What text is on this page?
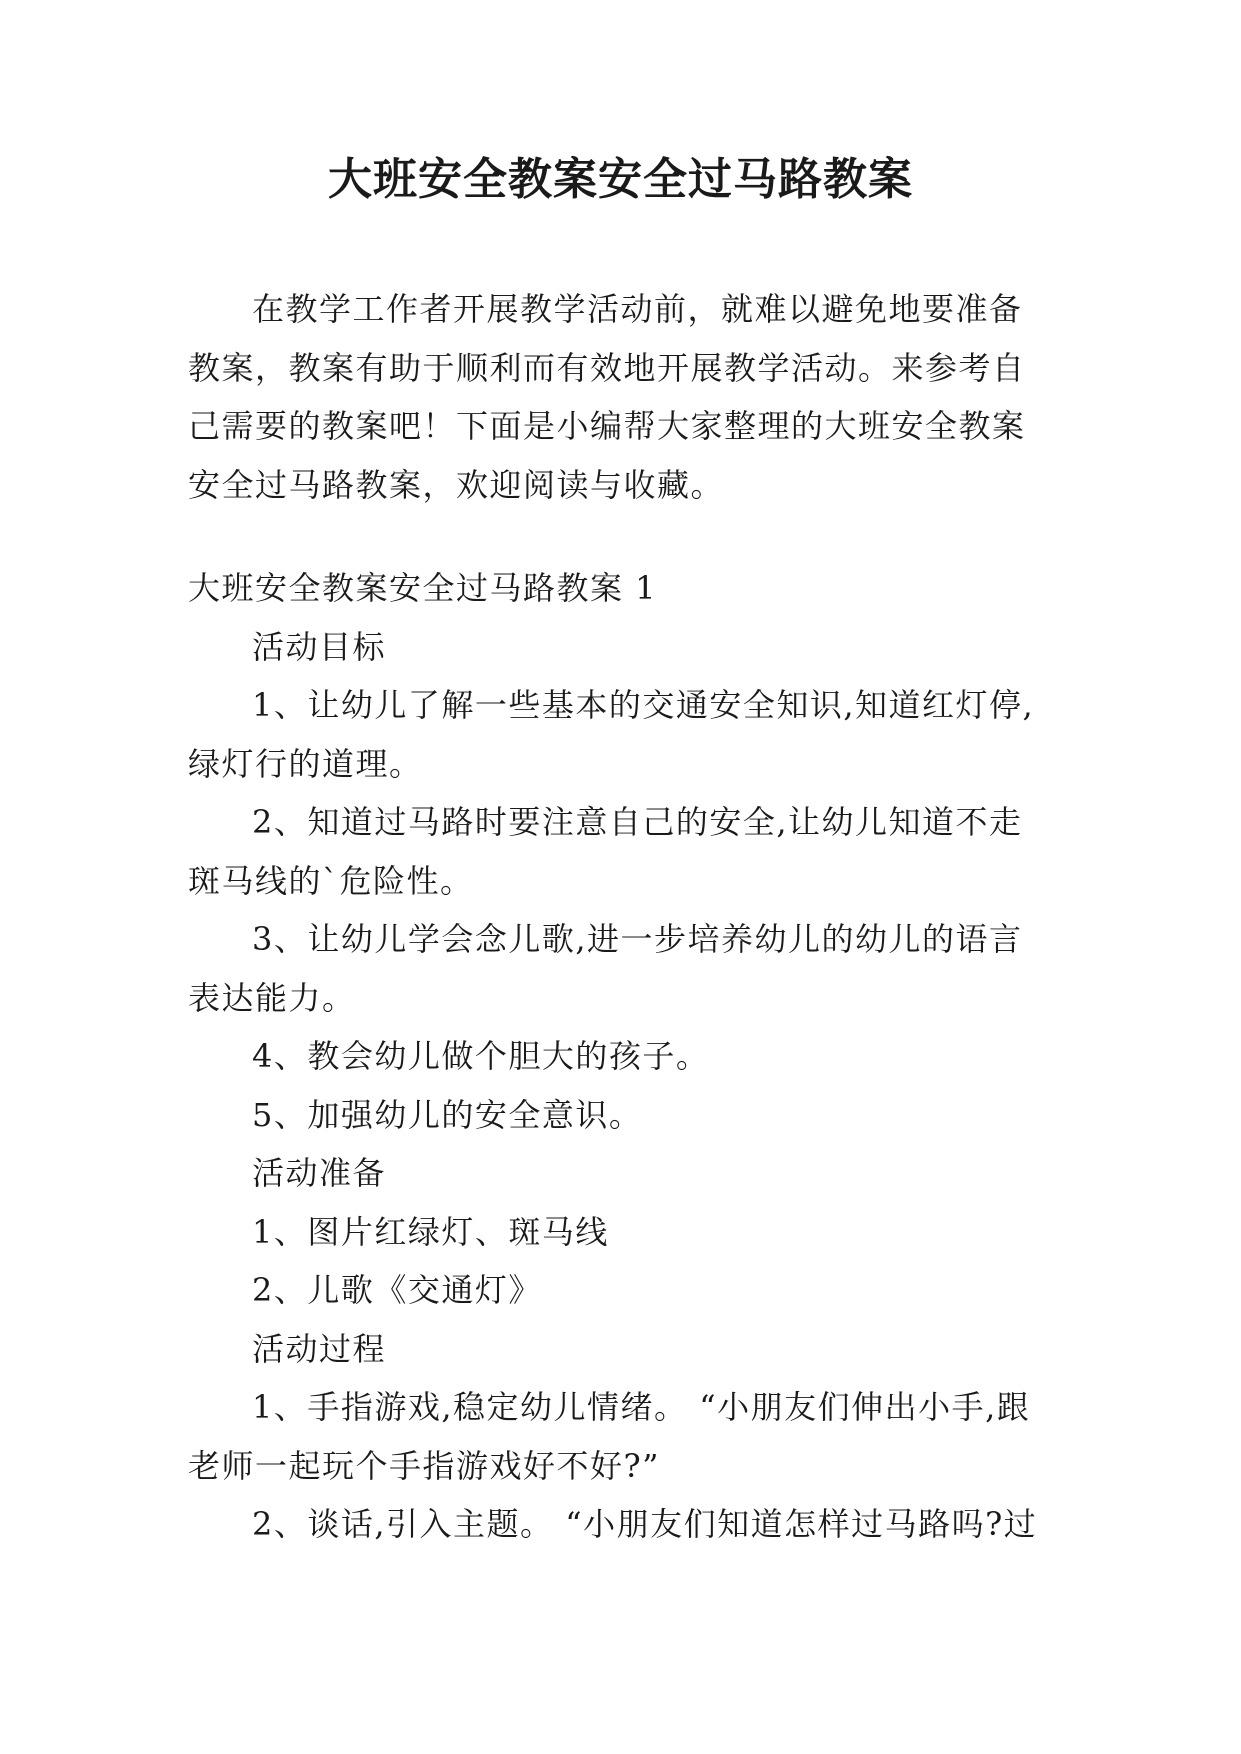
大班安全教案安全过马路教案

在教学工作者开展教学活动前，就难以避免地要准备教案，教案有助于顺利而有效地开展教学活动。来参考自己需要的教案吧！下面是小编帮大家整理的大班安全教案安全过马路教案，欢迎阅读与收藏。

大班安全教案安全过马路教案 1

活动目标

1、让幼儿了解一些基本的交通安全知识,知道红灯停,绿灯行的道理。

2、知道过马路时要注意自己的安全,让幼儿知道不走斑马线的`危险性。

3、让幼儿学会念儿歌,进一步培养幼儿的幼儿的语言表达能力。

4、教会幼儿做个胆大的孩子。

5、加强幼儿的安全意识。

活动准备

1、图片红绿灯、斑马线

2、儿歌《交通灯》

活动过程

1、手指游戏,稳定幼儿情绪。 “小朋友们伸出小手,跟老师一起玩个手指游戏好不好?”

2、谈话,引入主题。 “小朋友们知道怎样过马路吗?过
